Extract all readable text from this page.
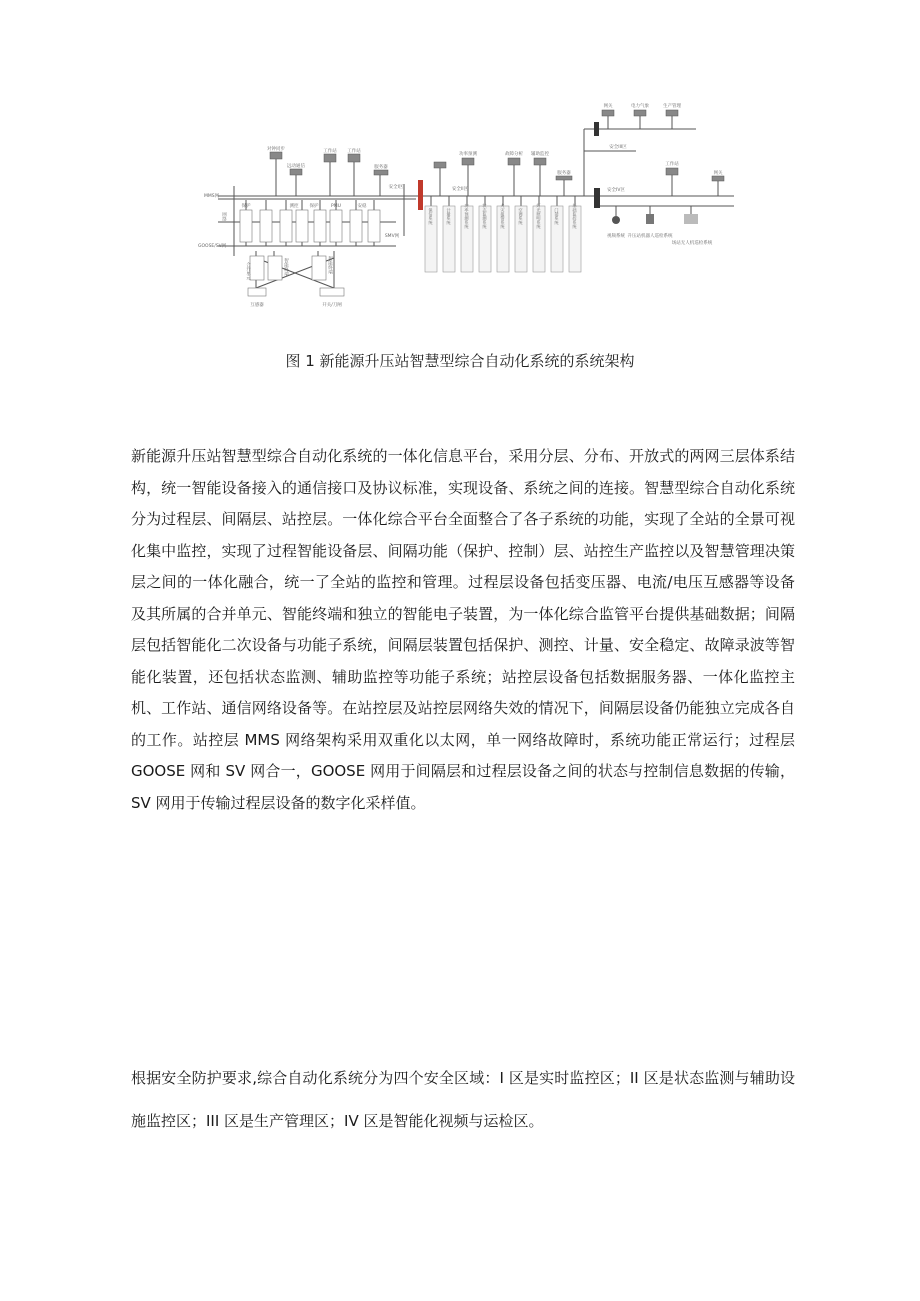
保信系统	计量系统	功率预测系统	状态监测系统	火灾报警系统	空调系统	灯光照明系统	门禁系统	基础监控系统
对钟同步
远动通信
工作站 工作站
服务器
MMS网
网络
安全I区	安全II区
功率预测	故障分析 辅助监控
服务器
网关	电力气象	生产管理
安全III区
安全IV区
工作站
网关
保护	测控 保护	PMU	安稳
GOOSE/SV网
SMV网
互感器	开关/刀闸
合并单元	智能终端	智能终端
视频系统 升压站机器人巡检系统
场站无人机巡检系统
图 1 新能源升压站智慧型综合自动化系统的系统架构

新能源升压站智慧型综合自动化系统的一体化信息平台，采用分层、分布、开放式的两网三层体系结构，统一智能设备接入的通信接口及协议标准，实现设备、系统之间的连接。智慧型综合自动化系统分为过程层、间隔层、站控层。一体化综合平台全面整合了各子系统的功能，实现了全站的全景可视化集中监控，实现了过程智能设备层、间隔功能（保护、控制）层、站控生产监控以及智慧管理决策层之间的一体化融合，统一了全站的监控和管理。过程层设备包括变压器、电流/电压互感器等设备及其所属的合并单元、智能终端和独立的智能电子装置，为一体化综合监管平台提供基础数据；间隔层包括智能化二次设备与功能子系统，间隔层装置包括保护、测控、计量、安全稳定、故障录波等智能化装置，还包括状态监测、辅助监控等功能子系统；站控层设备包括数据服务器、一体化监控主机、工作站、通信网络设备等。在站控层及站控层网络失效的情况下，间隔层设备仍能独立完成各自的工作。站控层 MMS 网络架构采用双重化以太网，单一网络故障时，系统功能正常运行；过程层 GOOSE 网和 SV 网合一，GOOSE 网用于间隔层和过程层设备之间的状态与控制信息数据的传输，SV 网用于传输过程层设备的数字化采样值。

根据安全防护要求,综合自动化系统分为四个安全区域：I 区是实时监控区；II 区是状态监测与辅助设施监控区；III 区是生产管理区；IV 区是智能化视频与运检区。
